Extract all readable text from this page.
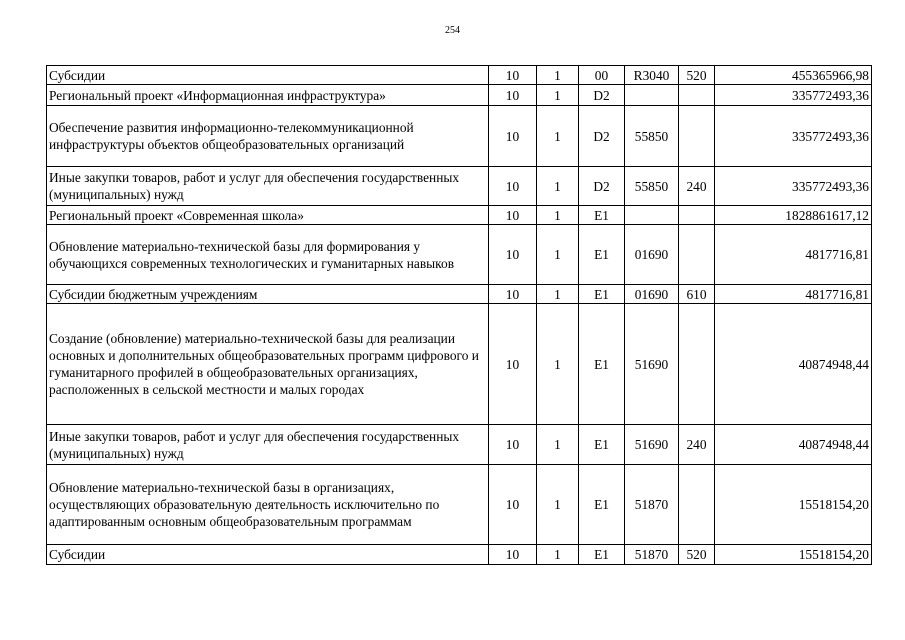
254
Субсидии	10	1	00	R3040	520	455365966,98
Региональный проект «Информационная инфраструктура»	10	1	D2			335772493,36
Обеспечение развития информационно-телекоммуникационной инфраструктуры объектов общеобразовательных организаций	10	1	D2	55850		335772493,36
Иные закупки товаров, работ и услуг для обеспечения государственных (муниципальных) нужд	10	1	D2	55850	240	335772493,36
Региональный проект «Современная школа»	10	1	E1			1828861617,12
Обновление материально-технической базы для формирования у обучающихся современных технологических и гуманитарных навыков	10	1	E1	01690		4817716,81
Субсидии бюджетным учреждениям	10	1	E1	01690	610	4817716,81
Создание (обновление) материально-технической базы для реализации основных и дополнительных общеобразовательных программ цифрового и гуманитарного профилей в общеобразовательных организациях, расположенных в сельской местности и малых городах	10	1	E1	51690		40874948,44
Иные закупки товаров, работ и услуг для обеспечения государственных (муниципальных) нужд	10	1	E1	51690	240	40874948,44
Обновление материально-технической базы в организациях, осуществляющих образовательную деятельность исключительно по адаптированным основным общеобразовательным программам	10	1	E1	51870		15518154,20
Субсидии	10	1	E1	51870	520	15518154,20
